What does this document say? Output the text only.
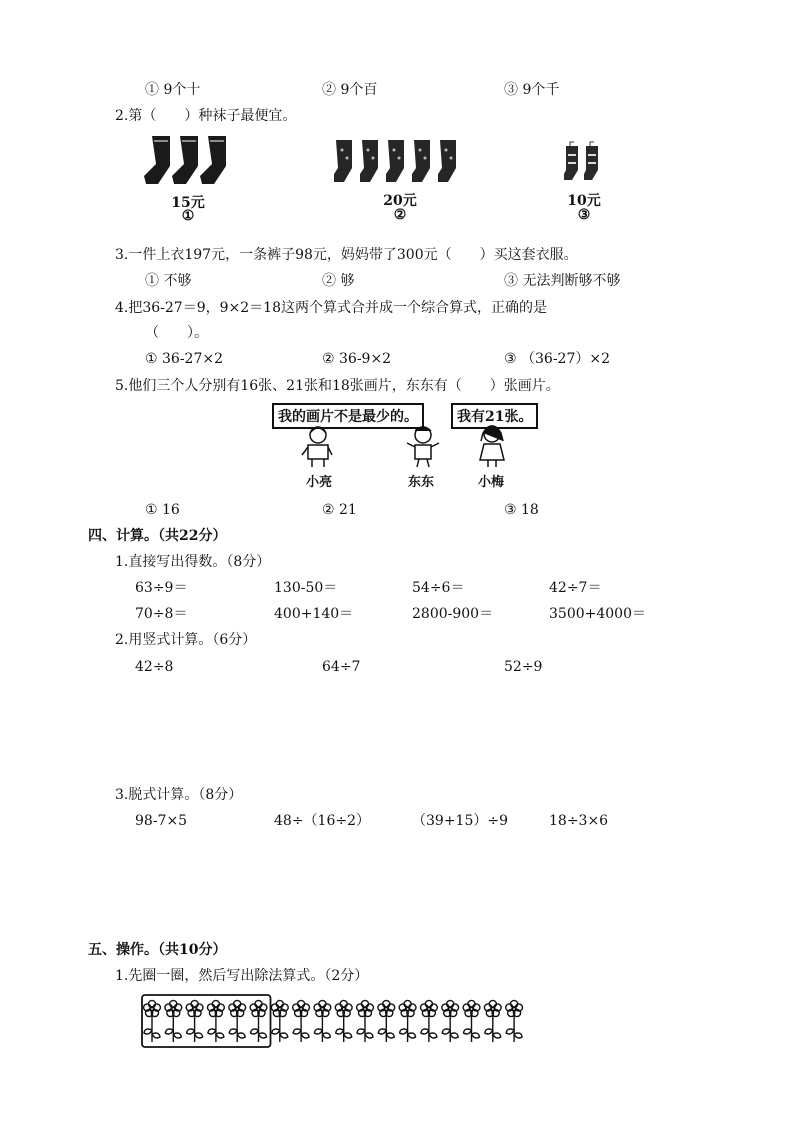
① 9个十	② 9个百	③ 9个千
2.第（　　）种袜子最便宜。
15元
①
20元
②
10元
③
3.一件上衣197元，一条裤子98元，妈妈带了300元（　　）买这套衣服。
① 不够	② 够	③ 无法判断够不够
4.把36-27＝9，9×2＝18这两个算式合并成一个综合算式，正确的是
（　　）。
① 36-27×2	② 36-9×2	③ （36-27）×2
5.他们三个人分别有16张、21张和18张画片，东东有（　　）张画片。
我的画片不是最少的。	我有21张。
小亮	东东	小梅
① 16	② 21	③ 18
四、计算。（共22分）
1.直接写出得数。（8分）
63÷9＝	130-50＝	54÷6＝	42÷7＝
70÷8＝	400+140＝	2800-900＝	3500+4000＝
2.用竖式计算。（6分）
42÷8	64÷7	52÷9
3.脱式计算。（8分）
98-7×5	48÷（16÷2）	（39+15）÷9	18÷3×6
五、操作。（共10分）
1.先圈一圈，然后写出除法算式。（2分）
